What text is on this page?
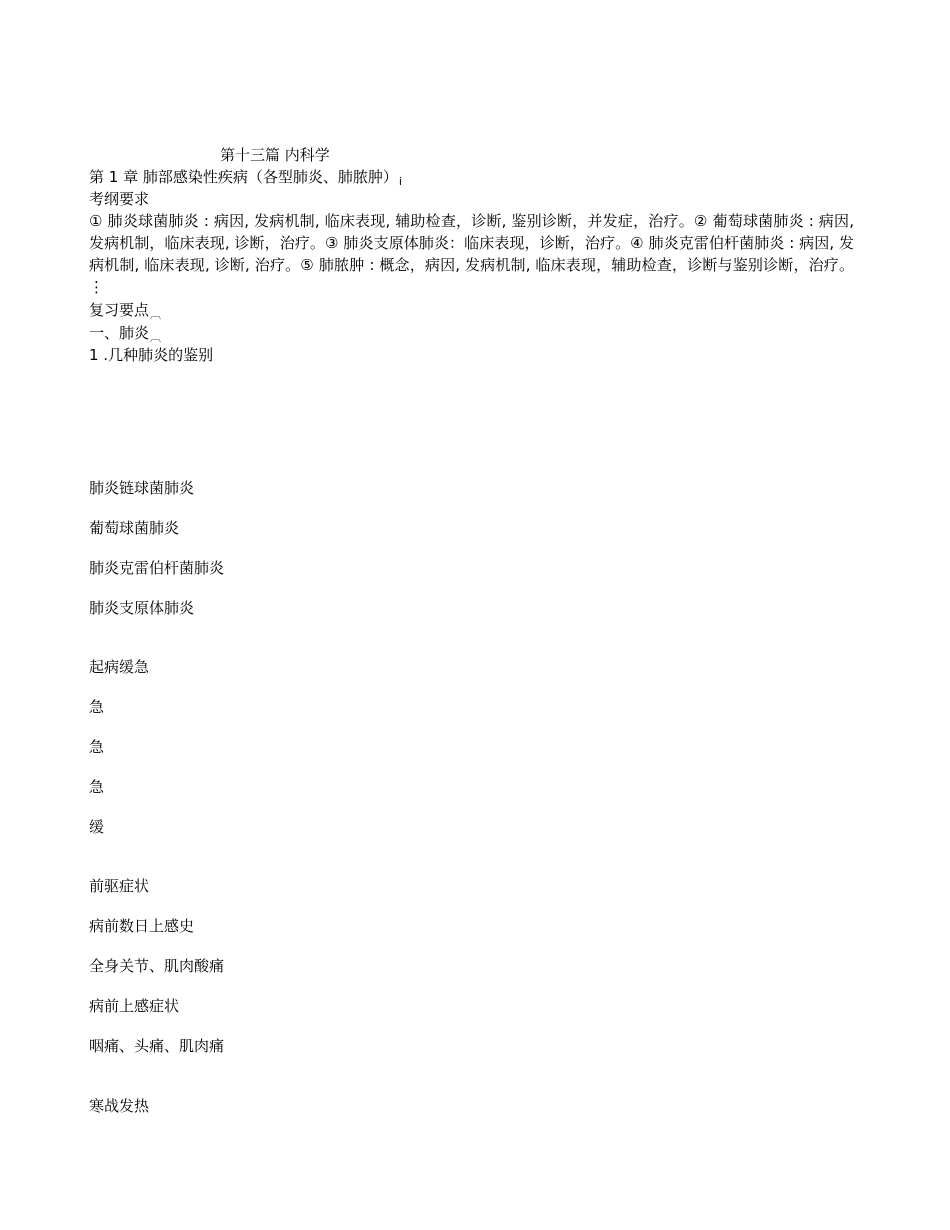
第十三篇 内科学
第 1 章 肺部感染性疾病（各型肺炎、肺脓肿）ⅰ
考纲要求
① 肺炎球菌肺炎 : 病因, 发病机制, 临床表现, 辅助检查，诊断, 鉴别诊断，并发症，治疗。② 葡萄球菌肺炎 : 病因, 发病机制，临床表现, 诊断，治疗。③ 肺炎支原体肺炎：临床表现，诊断，治疗。④ 肺炎克雷伯杆菌肺炎 : 病因, 发病机制, 临床表现, 诊断, 治疗。⑤ 肺脓肿 : 概念，病因, 发病机制, 临床表现，辅助检查，诊断与鉴别诊断，治疗。⋮
复习要点︹
一、肺炎︹
1 .几种肺炎的鉴别
肺炎链球菌肺炎
葡萄球菌肺炎
肺炎克雷伯杆菌肺炎
肺炎支原体肺炎
起病缓急
急
急
急
缓
前驱症状
病前数日上感史
全身关节、肌肉酸痛
病前上感症状
咽痛、头痛、肌肉痛
寒战发热
